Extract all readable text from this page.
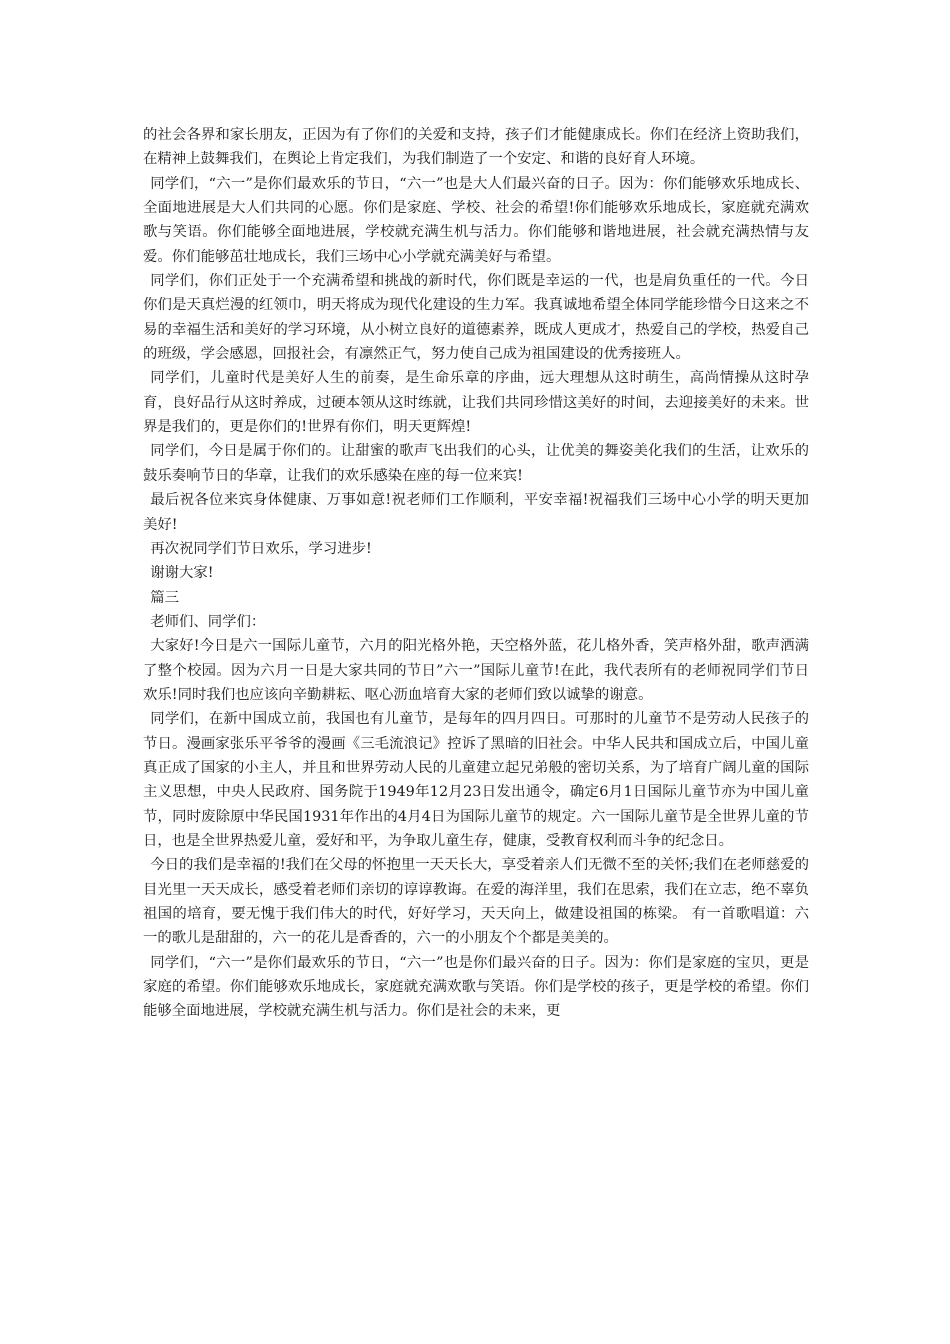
的社会各界和家长朋友，正因为有了你们的关爱和支持，孩子们才能健康成长。你们在经济上资助我们，在精神上鼓舞我们，在舆论上肯定我们，为我们制造了一个安定、和谐的良好育人环境。

同学们，“六一”是你们最欢乐的节日，“六一”也是大人们最兴奋的日子。因为：你们能够欢乐地成长、全面地进展是大人们共同的心愿。你们是家庭、学校、社会的希望!你们能够欢乐地成长，家庭就充满欢歌与笑语。你们能够全面地进展，学校就充满生机与活力。你们能够和谐地进展，社会就充满热情与友爱。你们能够茁壮地成长，我们三场中心小学就充满美好与希望。

同学们，你们正处于一个充满希望和挑战的新时代，你们既是幸运的一代，也是肩负重任的一代。今日你们是天真烂漫的红领巾，明天将成为现代化建设的生力军。我真诚地希望全体同学能珍惜今日这来之不易的幸福生活和美好的学习环境，从小树立良好的道德素养，既成人更成才，热爱自己的学校，热爱自己的班级，学会感恩，回报社会，有凛然正气，努力使自己成为祖国建设的优秀接班人。

同学们，儿童时代是美好人生的前奏，是生命乐章的序曲，远大理想从这时萌生，高尚情操从这时孕育，良好品行从这时养成，过硬本领从这时练就，让我们共同珍惜这美好的时间，去迎接美好的未来。世界是我们的，更是你们的!世界有你们，明天更辉煌!

同学们，今日是属于你们的。让甜蜜的歌声飞出我们的心头，让优美的舞姿美化我们的生活，让欢乐的鼓乐奏响节日的华章，让我们的欢乐感染在座的每一位来宾!

最后祝各位来宾身体健康、万事如意!祝老师们工作顺利，平安幸福!祝福我们三场中心小学的明天更加美好!

再次祝同学们节日欢乐，学习进步!

谢谢大家!

篇三

老师们、同学们：

大家好!今日是六一国际儿童节，六月的阳光格外艳，天空格外蓝，花儿格外香，笑声格外甜，歌声洒满了整个校园。因为六月一日是大家共同的节日”六一”国际儿童节!在此，我代表所有的老师祝同学们节日欢乐!同时我们也应该向辛勤耕耘、呕心沥血培育大家的老师们致以诚挚的谢意。

同学们，在新中国成立前，我国也有儿童节，是每年的四月四日。可那时的儿童节不是劳动人民孩子的节日。漫画家张乐平爷爷的漫画《三毛流浪记》控诉了黑暗的旧社会。中华人民共和国成立后，中国儿童真正成了国家的小主人，并且和世界劳动人民的儿童建立起兄弟般的密切关系，为了培育广阔儿童的国际主义思想，中央人民政府、国务院于1949年12月23日发出通令，确定6月1日国际儿童节亦为中国儿童节，同时废除原中华民国1931年作出的4月4日为国际儿童节的规定。六一国际儿童节是全世界儿童的节日，也是全世界热爱儿童，爱好和平，为争取儿童生存，健康，受教育权利而斗争的纪念日。

今日的我们是幸福的!我们在父母的怀抱里一天天长大，享受着亲人们无微不至的关怀;我们在老师慈爱的目光里一天天成长，感受着老师们亲切的谆谆教诲。在爱的海洋里，我们在思索，我们在立志，绝不辜负祖国的培育，要无愧于我们伟大的时代，好好学习，天天向上，做建设祖国的栋梁。 有一首歌唱道：六一的歌儿是甜甜的，六一的花儿是香香的，六一的小朋友个个都是美美的。

同学们，“六一”是你们最欢乐的节日，“六一”也是你们最兴奋的日子。因为：你们是家庭的宝贝，更是家庭的希望。你们能够欢乐地成长，家庭就充满欢歌与笑语。你们是学校的孩子，更是学校的希望。你们能够全面地进展，学校就充满生机与活力。你们是社会的未来，更
